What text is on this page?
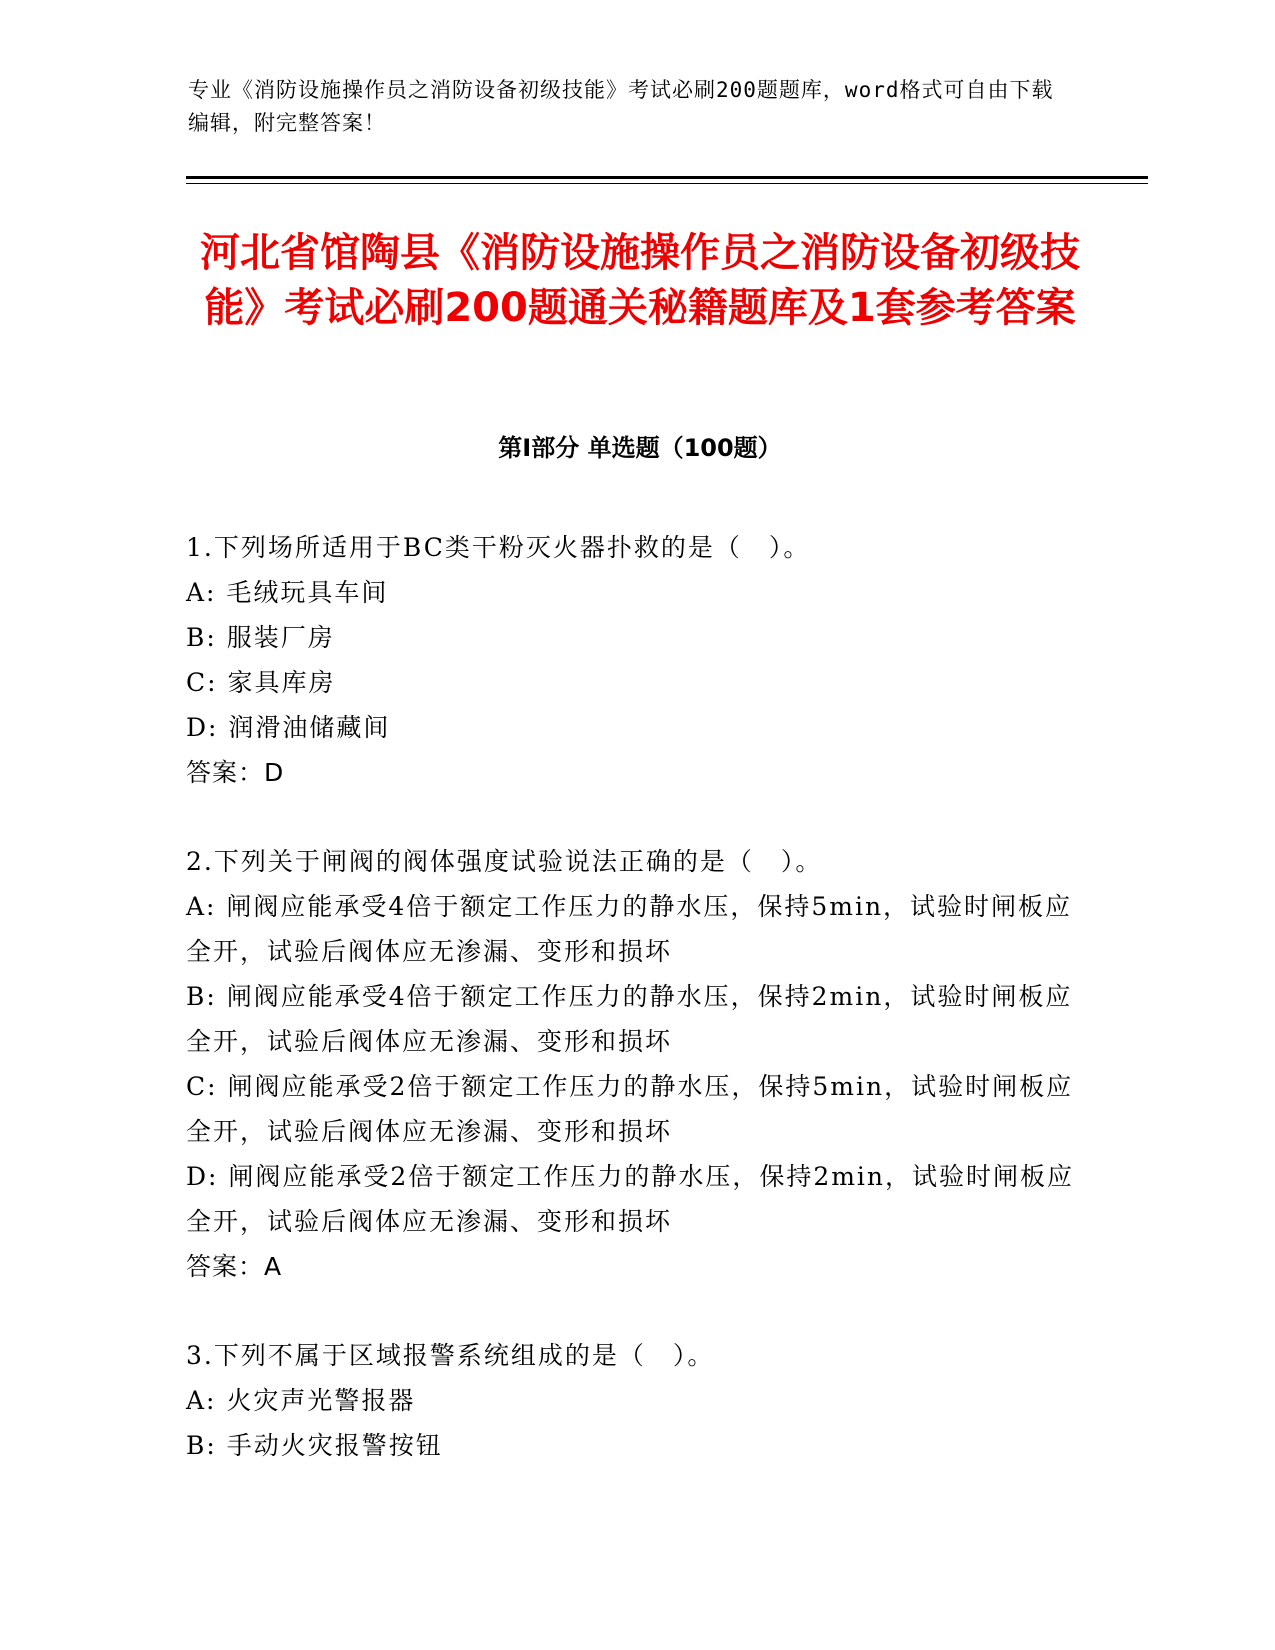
专业《消防设施操作员之消防设备初级技能》考试必刷200题题库，word格式可自由下载编辑，附完整答案！
河北省馆陶县《消防设施操作员之消防设备初级技能》考试必刷200题通关秘籍题库及1套参考答案
第I部分 单选题（100题）
1.下列场所适用于BC类干粉灭火器扑救的是（　）。
A: 毛绒玩具车间
B: 服装厂房
C: 家具库房
D: 润滑油储藏间
答案：D
2.下列关于闸阀的阀体强度试验说法正确的是（　）。
A: 闸阀应能承受4倍于额定工作压力的静水压，保持5min，试验时闸板应全开，试验后阀体应无渗漏、变形和损坏
B: 闸阀应能承受4倍于额定工作压力的静水压，保持2min，试验时闸板应全开，试验后阀体应无渗漏、变形和损坏
C: 闸阀应能承受2倍于额定工作压力的静水压，保持5min，试验时闸板应全开，试验后阀体应无渗漏、变形和损坏
D: 闸阀应能承受2倍于额定工作压力的静水压，保持2min，试验时闸板应全开，试验后阀体应无渗漏、变形和损坏
答案：A
3.下列不属于区域报警系统组成的是（　）。
A: 火灾声光警报器
B: 手动火灾报警按钮
